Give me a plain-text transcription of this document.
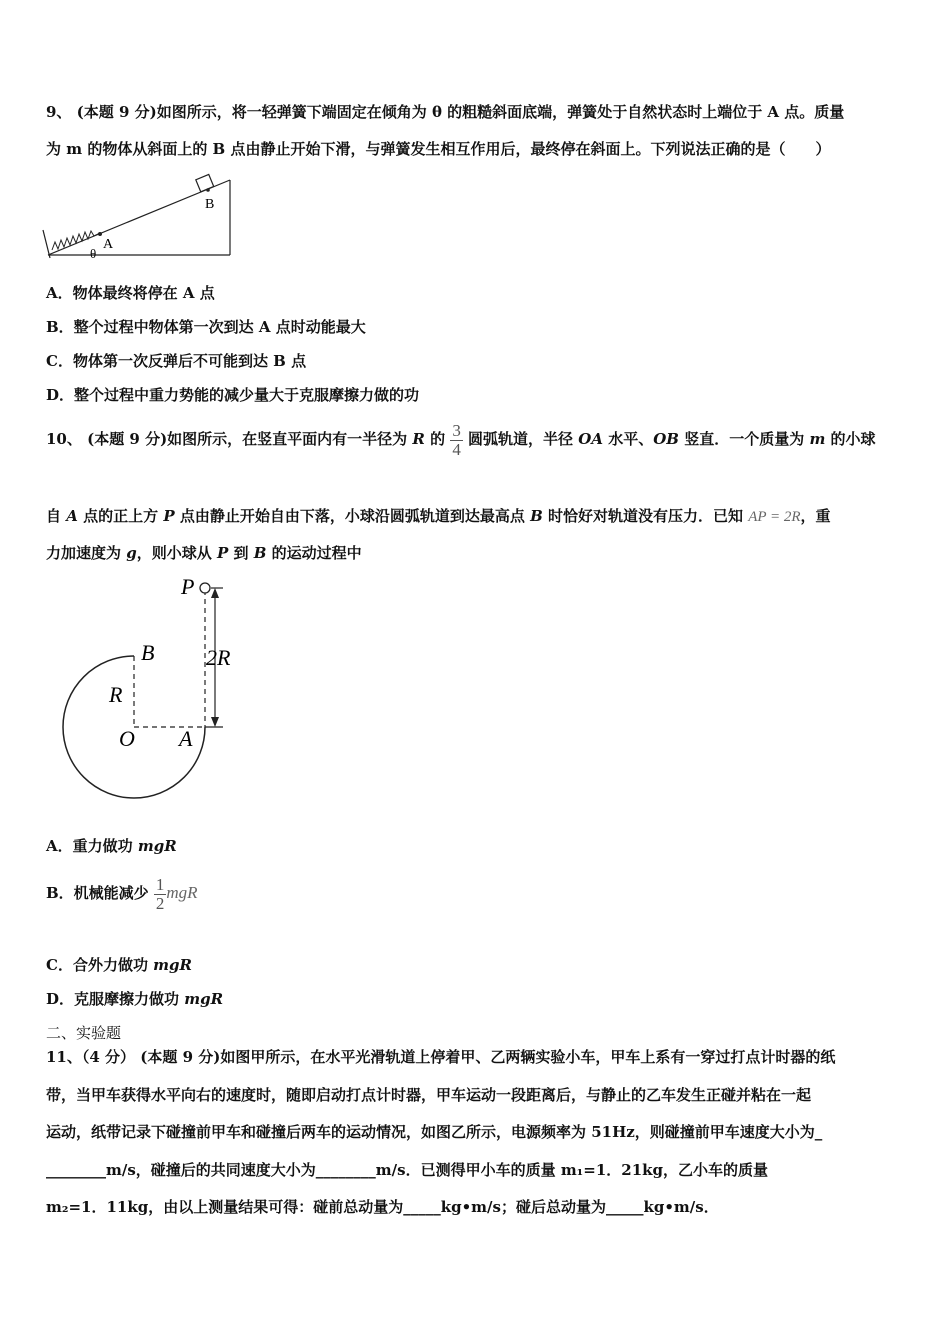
9、 (本题 9 分)如图所示，将一轻弹簧下端固定在倾角为 θ 的粗糙斜面底端，弹簧处于自然状态时上端位于 A 点。质量
为 m 的物体从斜面上的 B 点由静止开始下滑，与弹簧发生相互作用后，最终停在斜面上。下列说法正确的是（　　）
B
A
θ
A．物体最终将停在 A 点
B．整个过程中物体第一次到达 A 点时动能最大
C．物体第一次反弹后不可能到达 B 点
D．整个过程中重力势能的减少量大于克服摩擦力做的功
10、 (本题 9 分)如图所示，在竖直平面内有一半径为 R 的 $\frac{3}{4}$ 圆弧轨道，半径 OA 水平、OB 竖直．一个质量为 m 的小球
自 A 点的正上方 P 点由静止开始自由下落，小球沿圆弧轨道到达最高点 B 时恰好对轨道没有压力．已知 AP = 2R，重
力加速度为 g，则小球从 P 到 B 的运动过程中
P
B 2R
R
O A
A．重力做功 mgR
B．机械能减少 $\frac{1}{2}$ mgR
C．合外力做功 mgR
D．克服摩擦力做功 mgR
二、实验题
11、（4 分） (本题 9 分)如图甲所示，在水平光滑轨道上停着甲、乙两辆实验小车，甲车上系有一穿过打点计时器的纸
带，当甲车获得水平向右的速度时，随即启动打点计时器，甲车运动一段距离后，与静止的乙车发生正碰并粘在一起
运动，纸带记录下碰撞前甲车和碰撞后两车的运动情况，如图乙所示，电源频率为 51Hz，则碰撞前甲车速度大小为_
________m/s，碰撞后的共同速度大小为________m/s．已测得甲小车的质量 m₁=1．21kg，乙小车的质量
m₂=1．11kg，由以上测量结果可得：碰前总动量为_____kg•m/s；碰后总动量为_____kg•m/s．
